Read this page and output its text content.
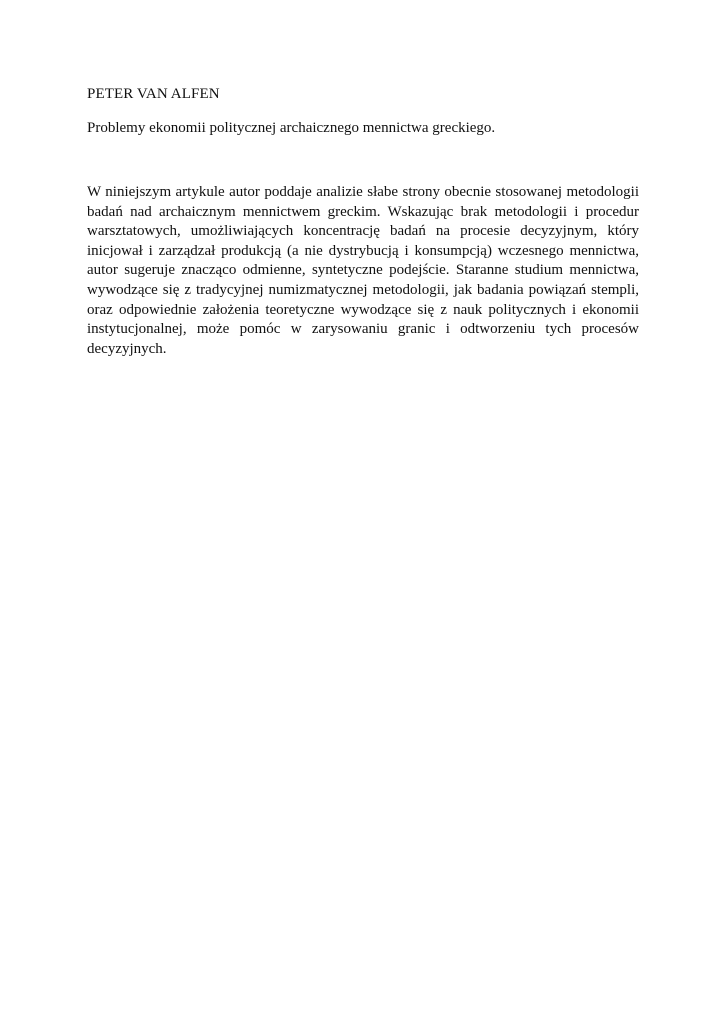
PETER VAN ALFEN
Problemy ekonomii politycznej archaicznego mennictwa greckiego.

W niniejszym artykule autor poddaje analizie słabe strony obecnie stosowanej metodologii badań nad archaicznym mennictwem greckim. Wskazując brak metodologii i procedur warsztatowych, umożliwiających koncentrację badań na procesie decyzyjnym, który inicjował i zarządzał produkcją (a nie dystrybucją i konsumpcją) wczesnego mennictwa, autor sugeruje znacząco odmienne, syntetyczne podejście. Staranne studium mennictwa, wywodzące się z tradycyjnej numizmatycznej metodologii, jak badania powiązań stempli, oraz odpowiednie założenia teoretyczne wywodzące się z nauk politycznych i ekonomii instytucjonalnej, może pomóc w zarysowaniu granic i odtworzeniu tych procesów decyzyjnych.
